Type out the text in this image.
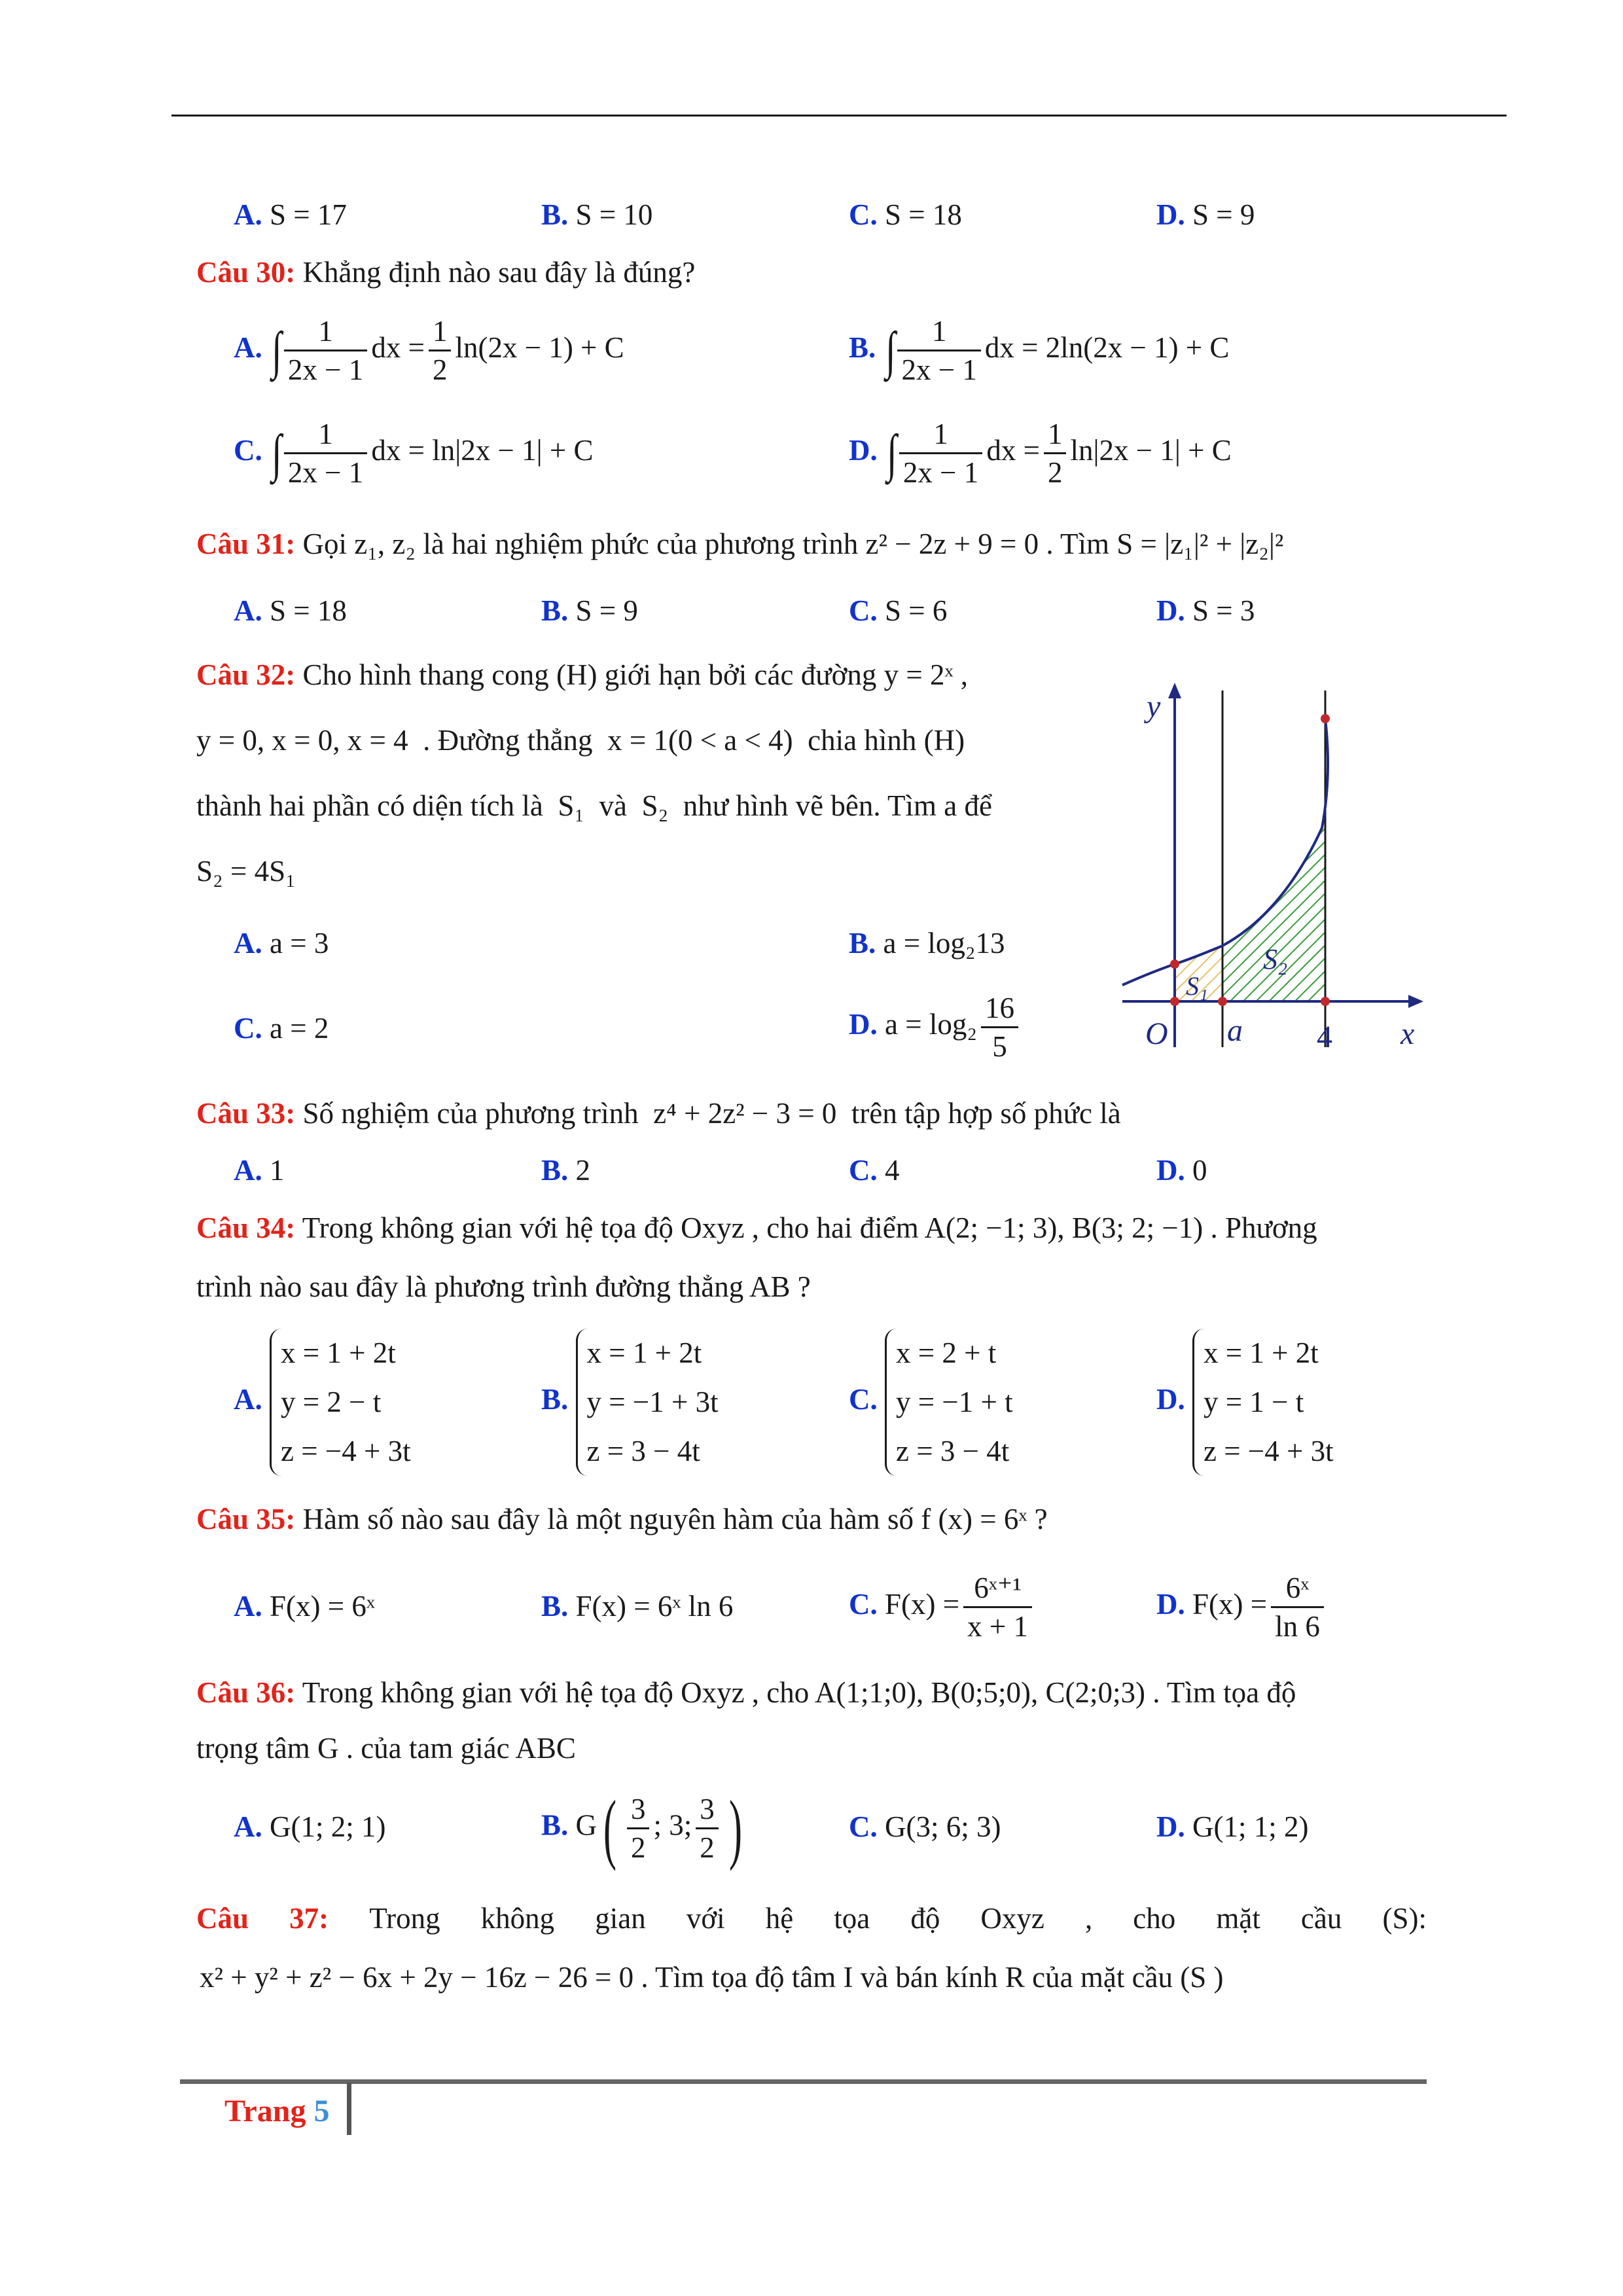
A. S = 17	B. S = 10	C. S = 18	D. S = 9
Câu 30: Khẳng định nào sau đây là đúng?
A. ∫ $\frac{1}{2x - 1}$ dx = $\frac{1}{2} \ln(2x - 1) + C$	B. ∫ $\frac{1}{2x - 1}$ dx = 2ln(2x − 1) + C
C. ∫ $\frac{1}{2x - 1}$ dx = ln|2x − 1| + C	D. ∫ $\frac{1}{2x - 1}$ dx = $\frac{1}{2} \ln|2x - 1| + C$
Câu 31: Gọi z₁, z₂ là hai nghiệm phức của phương trình z² − 2z + 9 = 0 . Tìm S = |z₁|² + |z₂|²
A. S = 18	B. S = 9	C. S = 6	D. S = 3
Câu 32: Cho hình thang cong (H) giới hạn bởi các đường y = 2ˣ ,
y = 0, x = 0, x = 4 . Đường thẳng x = 1(0 < a < 4) chia hình (H)
thành hai phần có diện tích là S₁ và S₂ như hình vẽ bên. Tìm a để
S₂ = 4S₁
A. a = 3	B. a = log₂13
C. a = 2	D. $a = \log_2 \frac{16}{5}$
y
x
O a 4
S₁
S₂
Câu 33: Số nghiệm của phương trình z⁴ + 2z² − 3 = 0 trên tập hợp số phức là
A. 1	B. 2	C. 4	D. 0
Câu 34: Trong không gian với hệ tọa độ Oxyz , cho hai điểm A(2; −1; 3), B(3; 2; −1) . Phương
trình nào sau đây là phương trình đường thẳng AB ?
A.
x = 1 + 2t
y = 2 − t
z = −4 + 3t
B.
x = 1 + 2t
y = −1 + 3t
z = 3 − 4t
C.
x = 2 + t
y = −1 + t
z = 3 − 4t
D.
x = 1 + 2t
y = 1 − t
z = −4 + 3t
Câu 35: Hàm số nào sau đây là một nguyên hàm của hàm số f (x) = 6ˣ ?
A. F(x) = 6ˣ	B. F(x) = 6ˣ ln 6	C. $F(x) = \frac{\text{6ˣ⁺¹}}{x + 1}$	D. $F(x) = \frac{\text{6ˣ}}{\ln 6}$
Câu 36: Trong không gian với hệ tọa độ Oxyz , cho A(1;1;0), B(0;5;0), C(2;0;3) . Tìm tọa độ
trọng tâm G . của tam giác ABC
A. G(1; 2; 1)	B. $G( \frac{3}{2}$ ; 3; $\frac{3}{2}$ )	C. G(3; 6; 3)	D. G(1; 1; 2)
Câu 37: Trong không gian với hệ tọa độ Oxyz , cho mặt cầu (S):
x² + y² + z² − 6x + 2y − 16z − 26 = 0 . Tìm tọa độ tâm I và bán kính R của mặt cầu (S )
Trang 5
